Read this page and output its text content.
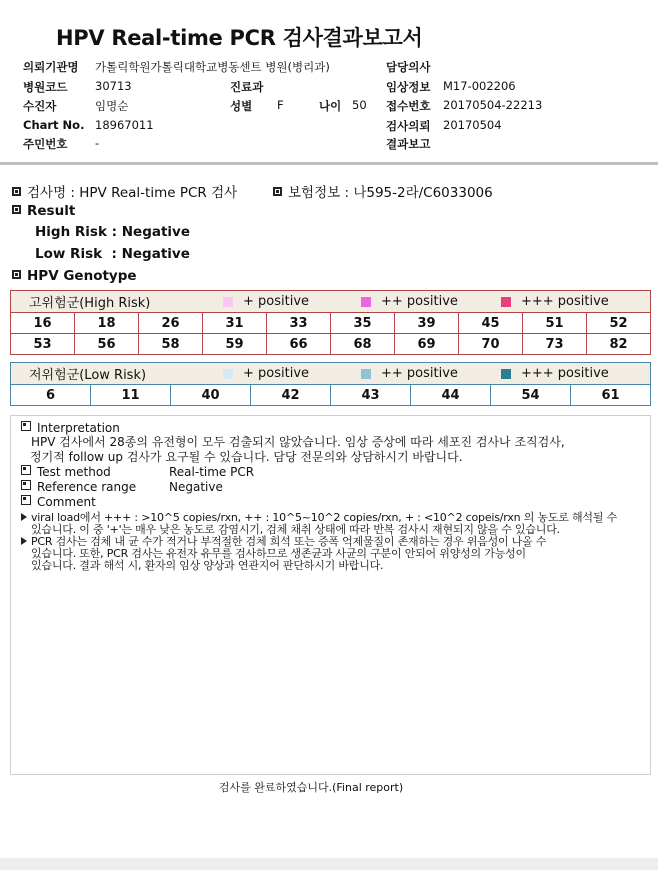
HPV Real-time PCR 검사결과보고서
의뢰기관명 가톨릭학원가톨릭대학교병동센트 병원(병리과)	담당의사
병원코드 30713	진료과	임상정보 M17-002206
수진자	임명순	성별 F	나이 50 접수번호 20170504-22213
Chart No. 18967011	검사의뢰 20170504
주민번호 -	결과보고
검사명 : HPV Real-time PCR 검사	보험정보 : 나595-2라/C6033006
Result
High Risk : Negative
Low Risk  : Negative
HPV Genotype
고위험군(High Risk)	+ positive	++ positive	+++ positive
16	18	26	31	33	35	39	45	51	52
53	56	58	59	66	68	69	70	73	82
저위험군(Low Risk)	+ positive	++ positive	+++ positive
6	11	40	42	43	44	54	61
Interpretation
HPV 검사에서 28종의 유전형이 모두 검출되지 않았습니다. 임상 증상에 따라 세포진 검사나 조직검사,
정기적 follow up 검사가 요구될 수 있습니다. 담당 전문의와 상담하시기 바랍니다.
Test method	Real-time PCR
Reference range	Negative
Comment
viral load에서 +++ : >10^5 copies/rxn, ++ : 10^5~10^2 copies/rxn, + : <10^2 copeis/rxn 의 농도로 해석될 수
있습니다. 이 중 '+'는 매우 낮은 농도로 감염시기, 검체 채취 상태에 따라 반복 검사시 재현되지 않을 수 있습니다.
PCR 검사는 검체 내 균 수가 적거나 부적절한 검체 희석 또는 증폭 억제물질이 존재하는 경우 위음성이 나올 수
있습니다. 또한, PCR 검사는 유전자 유무를 검사하므로 생존균과 사균의 구분이 안되어 위양성의 가능성이
있습니다. 결과 해석 시, 환자의 임상 양상과 연관지어 판단하시기 바랍니다.
검사를 완료하였습니다.(Final report)
